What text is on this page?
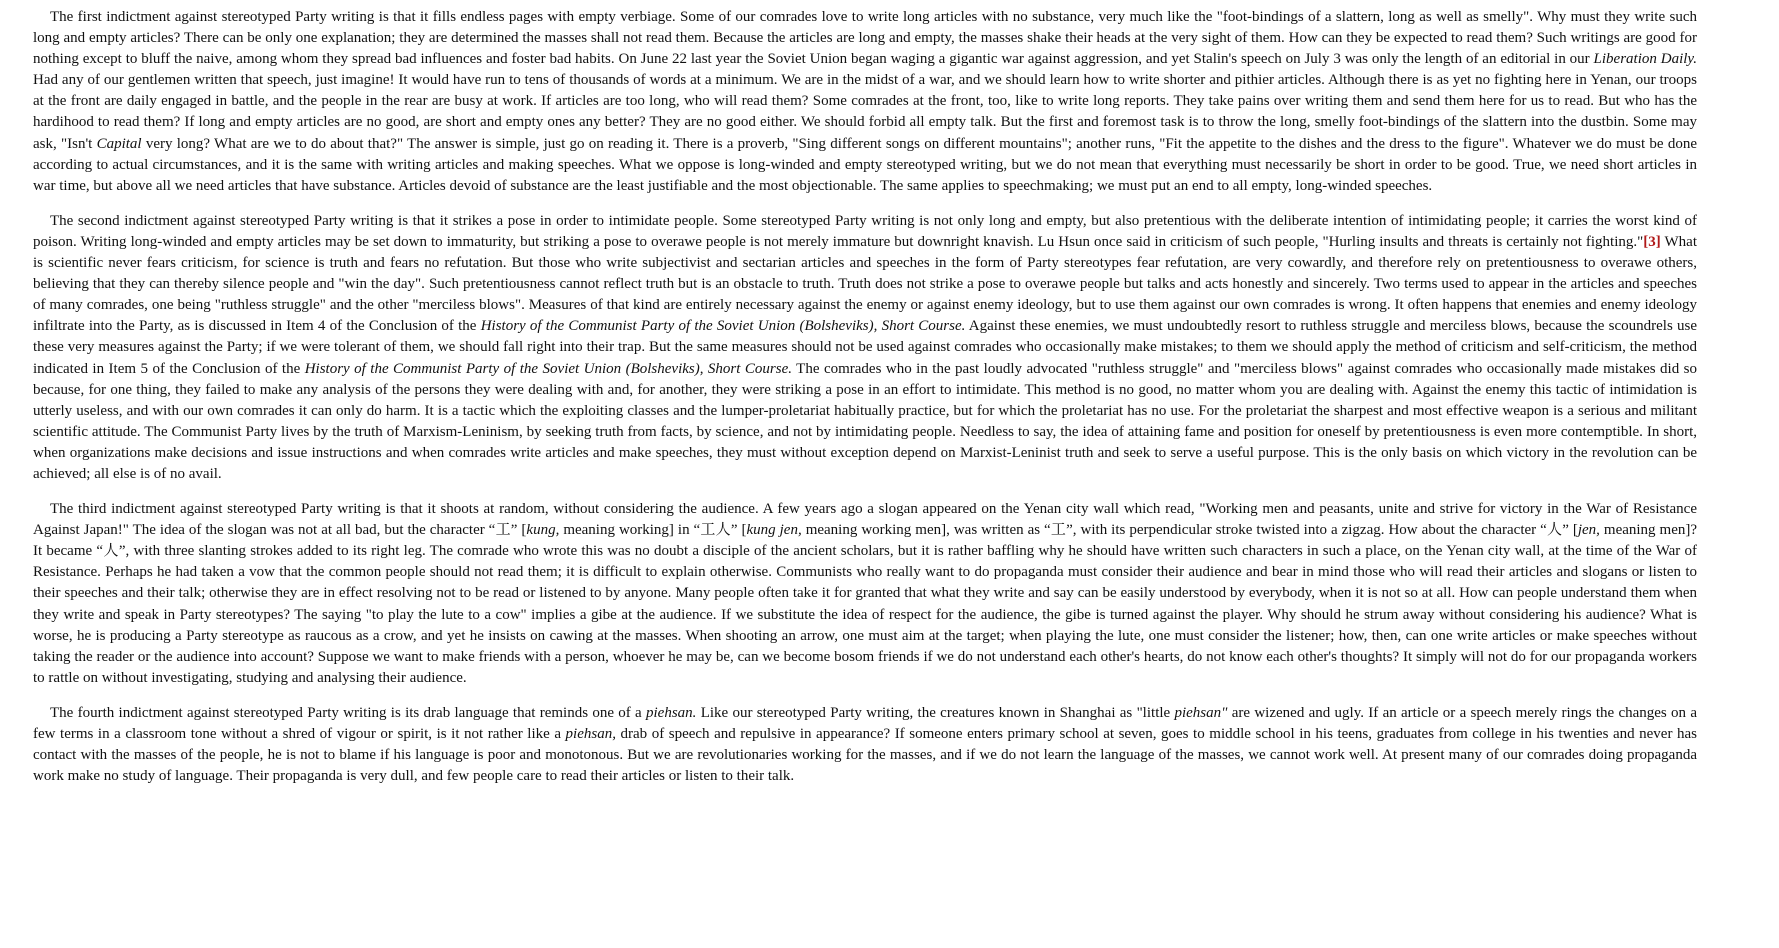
The first indictment against stereotyped Party writing is that it fills endless pages with empty verbiage. Some of our comrades love to write long articles with no substance, very much like the "foot-bindings of a slattern, long as well as smelly". Why must they write such long and empty articles? There can be only one explanation; they are determined the masses shall not read them. Because the articles are long and empty, the masses shake their heads at the very sight of them. How can they be expected to read them? Such writings are good for nothing except to bluff the naive, among whom they spread bad influences and foster bad habits. On June 22 last year the Soviet Union began waging a gigantic war against aggression, and yet Stalin's speech on July 3 was only the length of an editorial in our Liberation Daily. Had any of our gentlemen written that speech, just imagine! It would have run to tens of thousands of words at a minimum. We are in the midst of a war, and we should learn how to write shorter and pithier articles. Although there is as yet no fighting here in Yenan, our troops at the front are daily engaged in battle, and the people in the rear are busy at work. If articles are too long, who will read them? Some comrades at the front, too, like to write long reports. They take pains over writing them and send them here for us to read. But who has the hardihood to read them? If long and empty articles are no good, are short and empty ones any better? They are no good either. We should forbid all empty talk. But the first and foremost task is to throw the long, smelly foot-bindings of the slattern into the dustbin. Some may ask, "Isn't Capital very long? What are we to do about that?" The answer is simple, just go on reading it. There is a proverb, "Sing different songs on different mountains"; another runs, "Fit the appetite to the dishes and the dress to the figure". Whatever we do must be done according to actual circumstances, and it is the same with writing articles and making speeches. What we oppose is long-winded and empty stereotyped writing, but we do not mean that everything must necessarily be short in order to be good. True, we need short articles in war time, but above all we need articles that have substance. Articles devoid of substance are the least justifiable and the most objectionable. The same applies to speechmaking; we must put an end to all empty, long-winded speeches.

The second indictment against stereotyped Party writing is that it strikes a pose in order to intimidate people. Some stereotyped Party writing is not only long and empty, but also pretentious with the deliberate intention of intimidating people; it carries the worst kind of poison. Writing long-winded and empty articles may be set down to immaturity, but striking a pose to overawe people is not merely immature but downright knavish. Lu Hsun once said in criticism of such people, "Hurling insults and threats is certainly not fighting."[3] What is scientific never fears criticism, for science is truth and fears no refutation. But those who write subjectivist and sectarian articles and speeches in the form of Party stereotypes fear refutation, are very cowardly, and therefore rely on pretentiousness to overawe others, believing that they can thereby silence people and "win the day". Such pretentiousness cannot reflect truth but is an obstacle to truth. Truth does not strike a pose to overawe people but talks and acts honestly and sincerely. Two terms used to appear in the articles and speeches of many comrades, one being "ruthless struggle" and the other "merciless blows". Measures of that kind are entirely necessary against the enemy or against enemy ideology, but to use them against our own comrades is wrong. It often happens that enemies and enemy ideology infiltrate into the Party, as is discussed in Item 4 of the Conclusion of the History of the Communist Party of the Soviet Union (Bolsheviks), Short Course. Against these enemies, we must undoubtedly resort to ruthless struggle and merciless blows, because the scoundrels use these very measures against the Party; if we were tolerant of them, we should fall right into their trap. But the same measures should not be used against comrades who occasionally make mistakes; to them we should apply the method of criticism and self-criticism, the method indicated in Item 5 of the Conclusion of the History of the Communist Party of the Soviet Union (Bolsheviks), Short Course. The comrades who in the past loudly advocated "ruthless struggle" and "merciless blows" against comrades who occasionally made mistakes did so because, for one thing, they failed to make any analysis of the persons they were dealing with and, for another, they were striking a pose in an effort to intimidate. This method is no good, no matter whom you are dealing with. Against the enemy this tactic of intimidation is utterly useless, and with our own comrades it can only do harm. It is a tactic which the exploiting classes and the lumper-proletariat habitually practice, but for which the proletariat has no use. For the proletariat the sharpest and most effective weapon is a serious and militant scientific attitude. The Communist Party lives by the truth of Marxism-Leninism, by seeking truth from facts, by science, and not by intimidating people. Needless to say, the idea of attaining fame and position for oneself by pretentiousness is even more contemptible. In short, when organizations make decisions and issue instructions and when comrades write articles and make speeches, they must without exception depend on Marxist-Leninist truth and seek to serve a useful purpose. This is the only basis on which victory in the revolution can be achieved; all else is of no avail.

The third indictment against stereotyped Party writing is that it shoots at random, without considering the audience. A few years ago a slogan appeared on the Yenan city wall which read, "Working men and peasants, unite and strive for victory in the War of Resistance Against Japan!" The idea of the slogan was not at all bad, but the character “工” [kung, meaning working] in “工人” [kung jen, meaning working men], was written as “工”, with its perpendicular stroke twisted into a zigzag. How about the character “人” [jen, meaning men]? It became “人”, with three slanting strokes added to its right leg. The comrade who wrote this was no doubt a disciple of the ancient scholars, but it is rather baffling why he should have written such characters in such a place, on the Yenan city wall, at the time of the War of Resistance. Perhaps he had taken a vow that the common people should not read them; it is difficult to explain otherwise. Communists who really want to do propaganda must consider their audience and bear in mind those who will read their articles and slogans or listen to their speeches and their talk; otherwise they are in effect resolving not to be read or listened to by anyone. Many people often take it for granted that what they write and say can be easily understood by everybody, when it is not so at all. How can people understand them when they write and speak in Party stereotypes? The saying "to play the lute to a cow" implies a gibe at the audience. If we substitute the idea of respect for the audience, the gibe is turned against the player. Why should he strum away without considering his audience? What is worse, he is producing a Party stereotype as raucous as a crow, and yet he insists on cawing at the masses. When shooting an arrow, one must aim at the target; when playing the lute, one must consider the listener; how, then, can one write articles or make speeches without taking the reader or the audience into account? Suppose we want to make friends with a person, whoever he may be, can we become bosom friends if we do not understand each other's hearts, do not know each other's thoughts? It simply will not do for our propaganda workers to rattle on without investigating, studying and analysing their audience.

The fourth indictment against stereotyped Party writing is its drab language that reminds one of a piehsan. Like our stereotyped Party writing, the creatures known in Shanghai as "little piehsan" are wizened and ugly. If an article or a speech merely rings the changes on a few terms in a classroom tone without a shred of vigour or spirit, is it not rather like a piehsan, drab of speech and repulsive in appearance? If someone enters primary school at seven, goes to middle school in his teens, graduates from college in his twenties and never has contact with the masses of the people, he is not to blame if his language is poor and monotonous. But we are revolutionaries working for the masses, and if we do not learn the language of the masses, we cannot work well. At present many of our comrades doing propaganda work make no study of language. Their propaganda is very dull, and few people care to read their articles or listen to their talk.
